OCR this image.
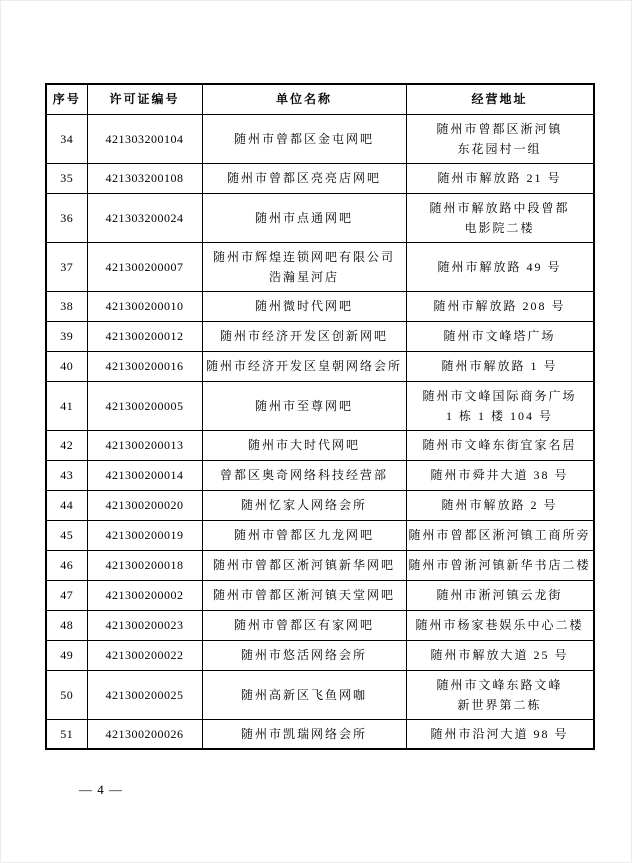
序号	许可证编号	单位名称	经营地址

34	421303200104	随州市曾都区金屯网吧	随州市曾都区淅河镇
东花园村一组

35	421303200108	随州市曾都区亮亮店网吧	随州市解放路 21 号

36	421303200024	随州市点通网吧	随州市解放路中段曾都
电影院二楼

37	421300200007	随州市辉煌连锁网吧有限公司
浩瀚星河店	随州市解放路 49 号

38	421300200010	随州微时代网吧	随州市解放路 208 号

39	421300200012	随州市经济开发区创新网吧	随州市文峰塔广场

40	421300200016	随州市经济开发区皇朝网络会所	随州市解放路 1 号

41	421300200005	随州市至尊网吧	随州市文峰国际商务广场
1 栋 1 楼 104 号

42	421300200013	随州市大时代网吧	随州市文峰东街宜家名居

43	421300200014	曾都区奥奇网络科技经营部	随州市舜井大道 38 号

44	421300200020	随州忆家人网络会所	随州市解放路 2 号

45	421300200019	随州市曾都区九龙网吧	随州市曾都区淅河镇工商所旁

46	421300200018	随州市曾都区淅河镇新华网吧	随州市曾淅河镇新华书店二楼

47	421300200002	随州市曾都区淅河镇天堂网吧	随州市淅河镇云龙街

48	421300200023	随州市曾都区有家网吧	随州市杨家巷娱乐中心二楼

49	421300200022	随州市悠活网络会所	随州市解放大道 25 号

50	421300200025	随州高新区飞鱼网咖	随州市文峰东路文峰
新世界第二栋

51	421300200026	随州市凯瑞网络会所	随州市沿河大道 98 号
— 4 —
